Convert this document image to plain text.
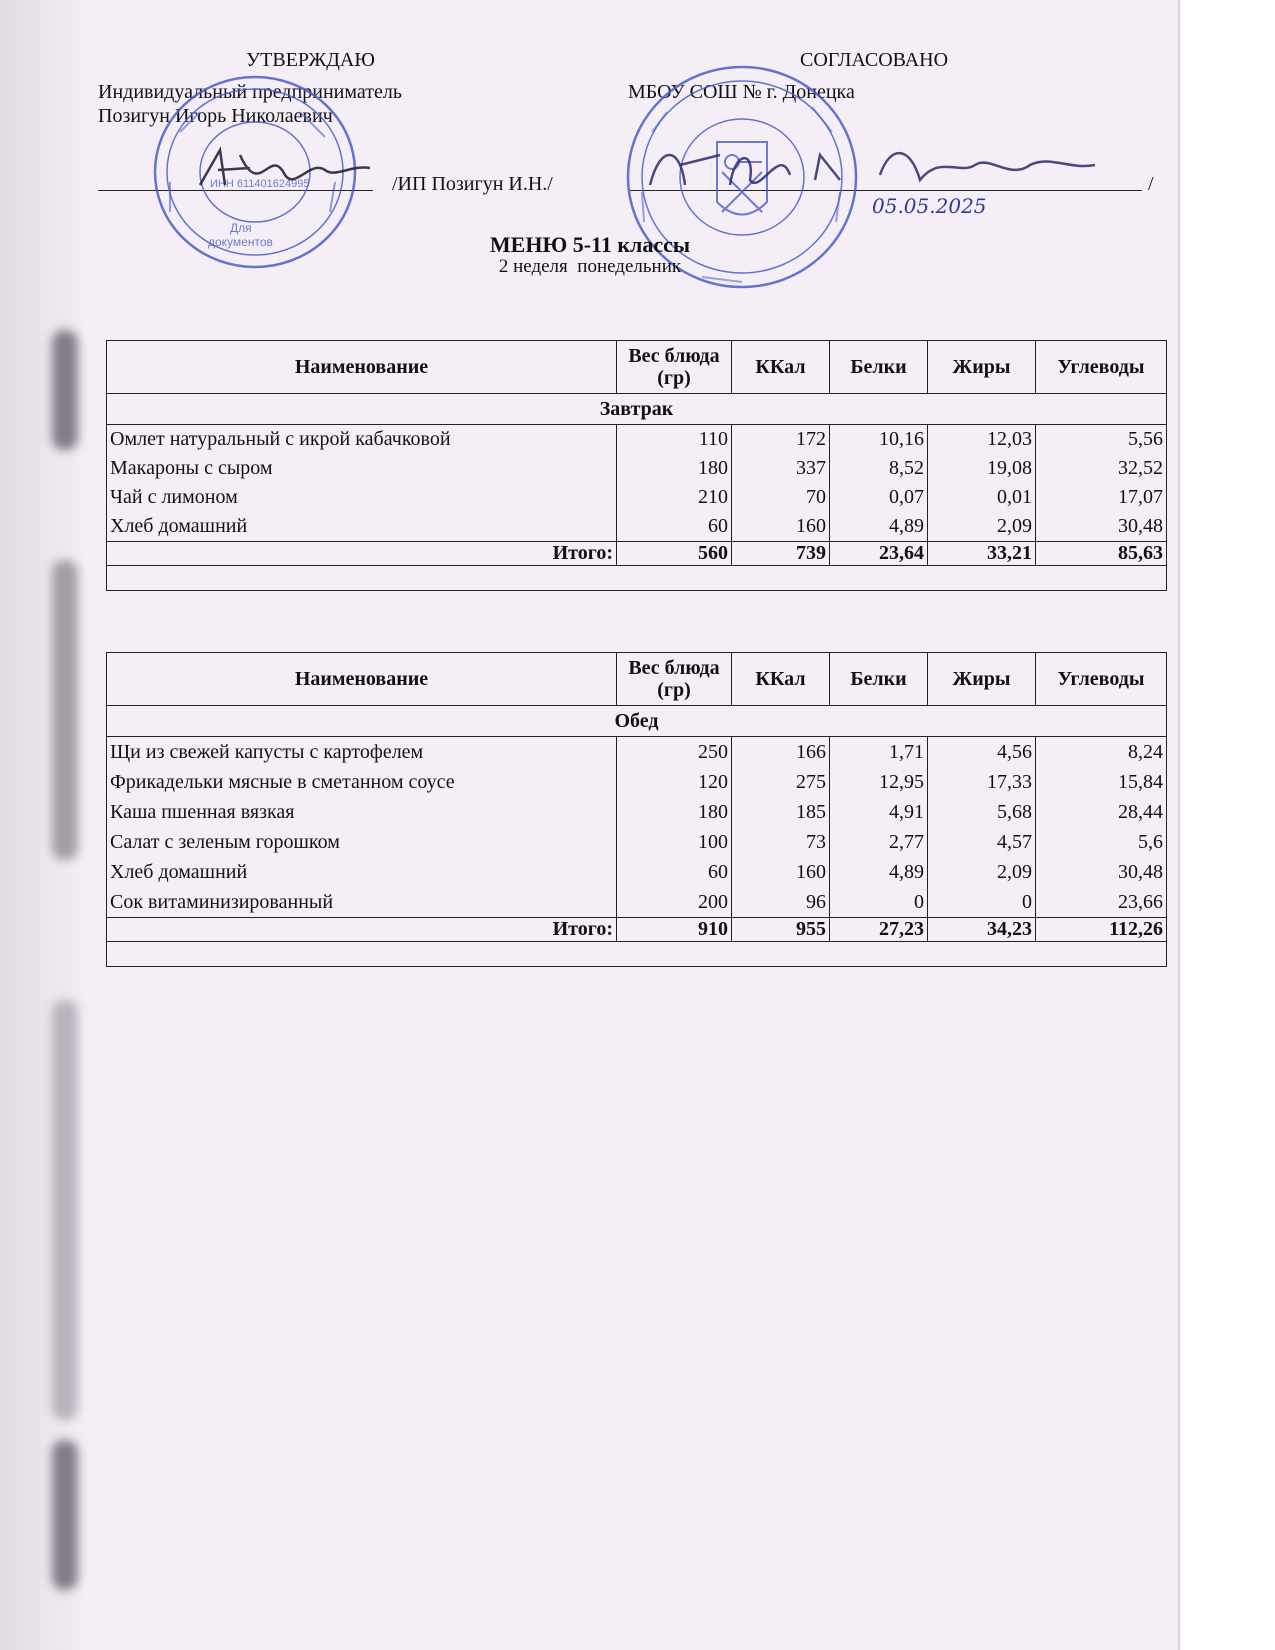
УТВЕРЖДАЮ
Индивидуальный предприниматель
Позигун Игорь Николаевич
/ИП Позигун И.Н./
СОГЛАСОВАНО
МБОУ СОШ № г. Донецка
/
Для
документов
ИНН 611401624995
05.05.2025
МЕНЮ 5-11 классы
2 неделя  понедельник
Наименование	Вес блюда (гр)	ККал	Белки	Жиры	Углеводы
Завтрак					
Омлет натуральный с икрой кабачковой	110	172	10,16	12,03	5,56
Макароны с сыром	180	337	8,52	19,08	32,52
Чай с лимоном	210	70	0,07	0,01	17,07
Хлеб домашний	60	160	4,89	2,09	30,48
Итого:	560	739	23,64	33,21	85,63

Наименование	Вес блюда (гр)	ККал	Белки	Жиры	Углеводы
Обед					
Щи из свежей капусты с картофелем	250	166	1,71	4,56	8,24
Фрикадельки мясные в сметанном соусе	120	275	12,95	17,33	15,84
Каша пшенная вязкая	180	185	4,91	5,68	28,44
Салат с зеленым горошком	100	73	2,77	4,57	5,6
Хлеб домашний	60	160	4,89	2,09	30,48
Сок витаминизированный	200	96	0	0	23,66
Итого:	910	955	27,23	34,23	112,26
